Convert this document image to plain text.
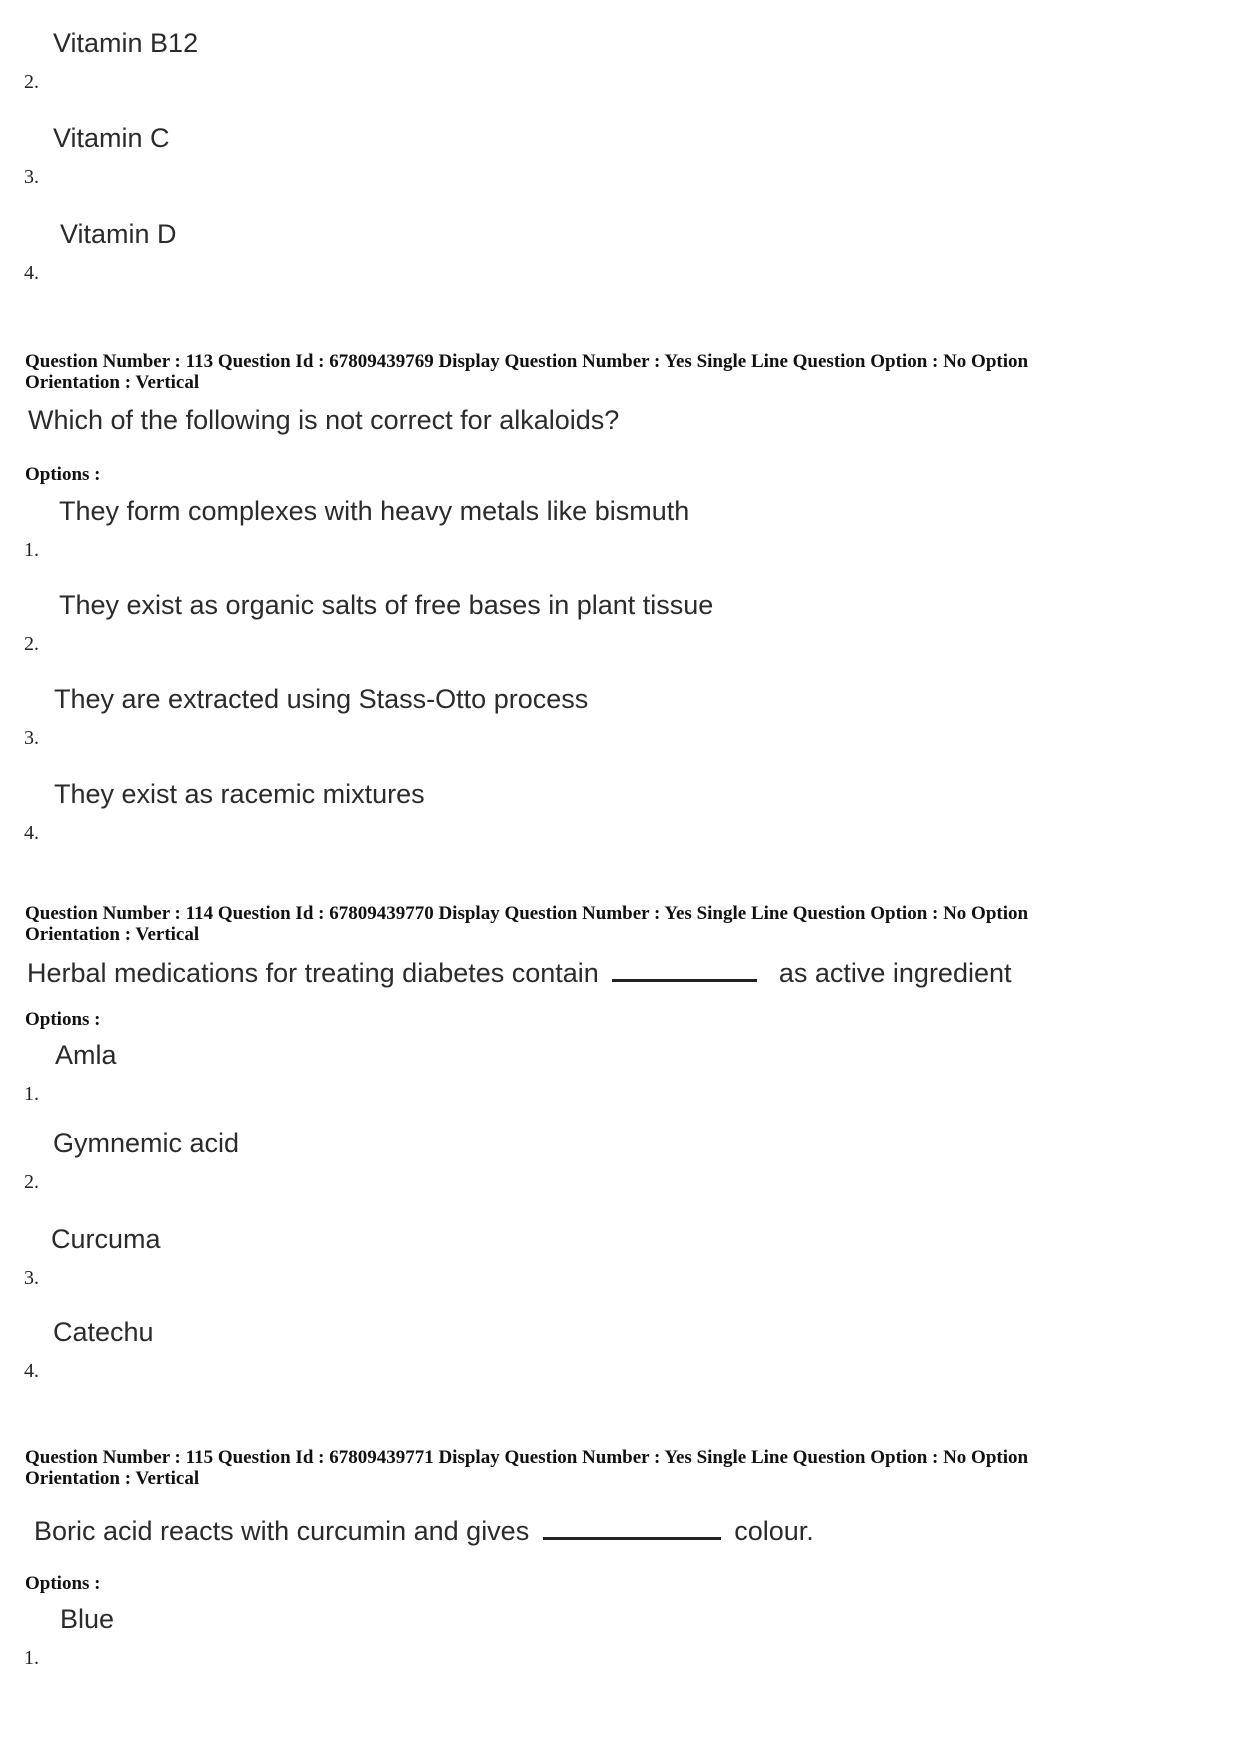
Vitamin B12
2.
Vitamin C
3.
Vitamin D
4.
Question Number : 113 Question Id : 67809439769 Display Question Number : Yes Single Line Question Option : No Option
Orientation : Vertical
Which of the following is not correct for alkaloids?
Options :
They form complexes with heavy metals like bismuth
1.
They exist as organic salts of free bases in plant tissue
2.
They are extracted using Stass-Otto process
3.
They exist as racemic mixtures
4.
Question Number : 114 Question Id : 67809439770 Display Question Number : Yes Single Line Question Option : No Option
Orientation : Vertical
Herbal medications for treating diabetes contain	as active ingredient
Options :
Amla
1.
Gymnemic acid
2.
Curcuma
3.
Catechu
4.
Question Number : 115 Question Id : 67809439771 Display Question Number : Yes Single Line Question Option : No Option
Orientation : Vertical
Boric acid reacts with curcumin and gives	colour.
Options :
Blue
1.
